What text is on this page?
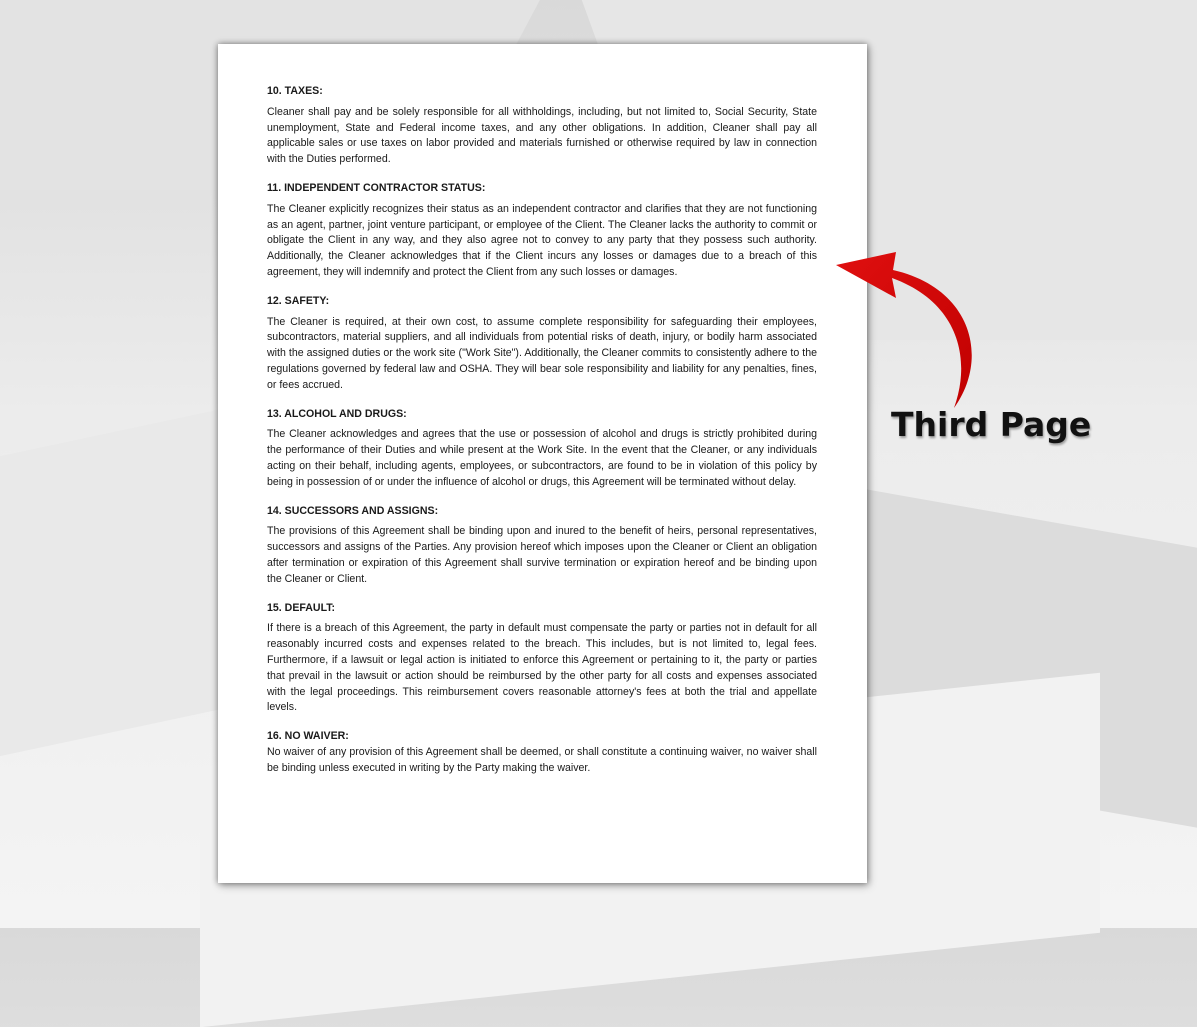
10. TAXES:

Cleaner shall pay and be solely responsible for all withholdings, including, but not limited to, Social Security, State unemployment, State and Federal income taxes, and any other obligations. In addition, Cleaner shall pay all applicable sales or use taxes on labor provided and materials furnished or otherwise required by law in connection with the Duties performed.

11. INDEPENDENT CONTRACTOR STATUS:

The Cleaner explicitly recognizes their status as an independent contractor and clarifies that they are not functioning as an agent, partner, joint venture participant, or employee of the Client. The Cleaner lacks the authority to commit or obligate the Client in any way, and they also agree not to convey to any party that they possess such authority. Additionally, the Cleaner acknowledges that if the Client incurs any losses or damages due to a breach of this agreement, they will indemnify and protect the Client from any such losses or damages.

12. SAFETY:

The Cleaner is required, at their own cost, to assume complete responsibility for safeguarding their employees, subcontractors, material suppliers, and all individuals from potential risks of death, injury, or bodily harm associated with the assigned duties or the work site ("Work Site"). Additionally, the Cleaner commits to consistently adhere to the regulations governed by federal law and OSHA. They will bear sole responsibility and liability for any penalties, fines, or fees accrued.

13. ALCOHOL AND DRUGS:

The Cleaner acknowledges and agrees that the use or possession of alcohol and drugs is strictly prohibited during the performance of their Duties and while present at the Work Site. In the event that the Cleaner, or any individuals acting on their behalf, including agents, employees, or subcontractors, are found to be in violation of this policy by being in possession of or under the influence of alcohol or drugs, this Agreement will be terminated without delay.

14. SUCCESSORS AND ASSIGNS:

The provisions of this Agreement shall be binding upon and inured to the benefit of heirs, personal representatives, successors and assigns of the Parties. Any provision hereof which imposes upon the Cleaner or Client an obligation after termination or expiration of this Agreement shall survive termination or expiration hereof and be binding upon the Cleaner or Client.

15. DEFAULT:

If there is a breach of this Agreement, the party in default must compensate the party or parties not in default for all reasonably incurred costs and expenses related to the breach. This includes, but is not limited to, legal fees. Furthermore, if a lawsuit or legal action is initiated to enforce this Agreement or pertaining to it, the party or parties that prevail in the lawsuit or action should be reimbursed by the other party for all costs and expenses associated with the legal proceedings. This reimbursement covers reasonable attorney's fees at both the trial and appellate levels.

16. NO WAIVER:

No waiver of any provision of this Agreement shall be deemed, or shall constitute a continuing waiver, no waiver shall be binding unless executed in writing by the Party making the waiver.

Third Page
